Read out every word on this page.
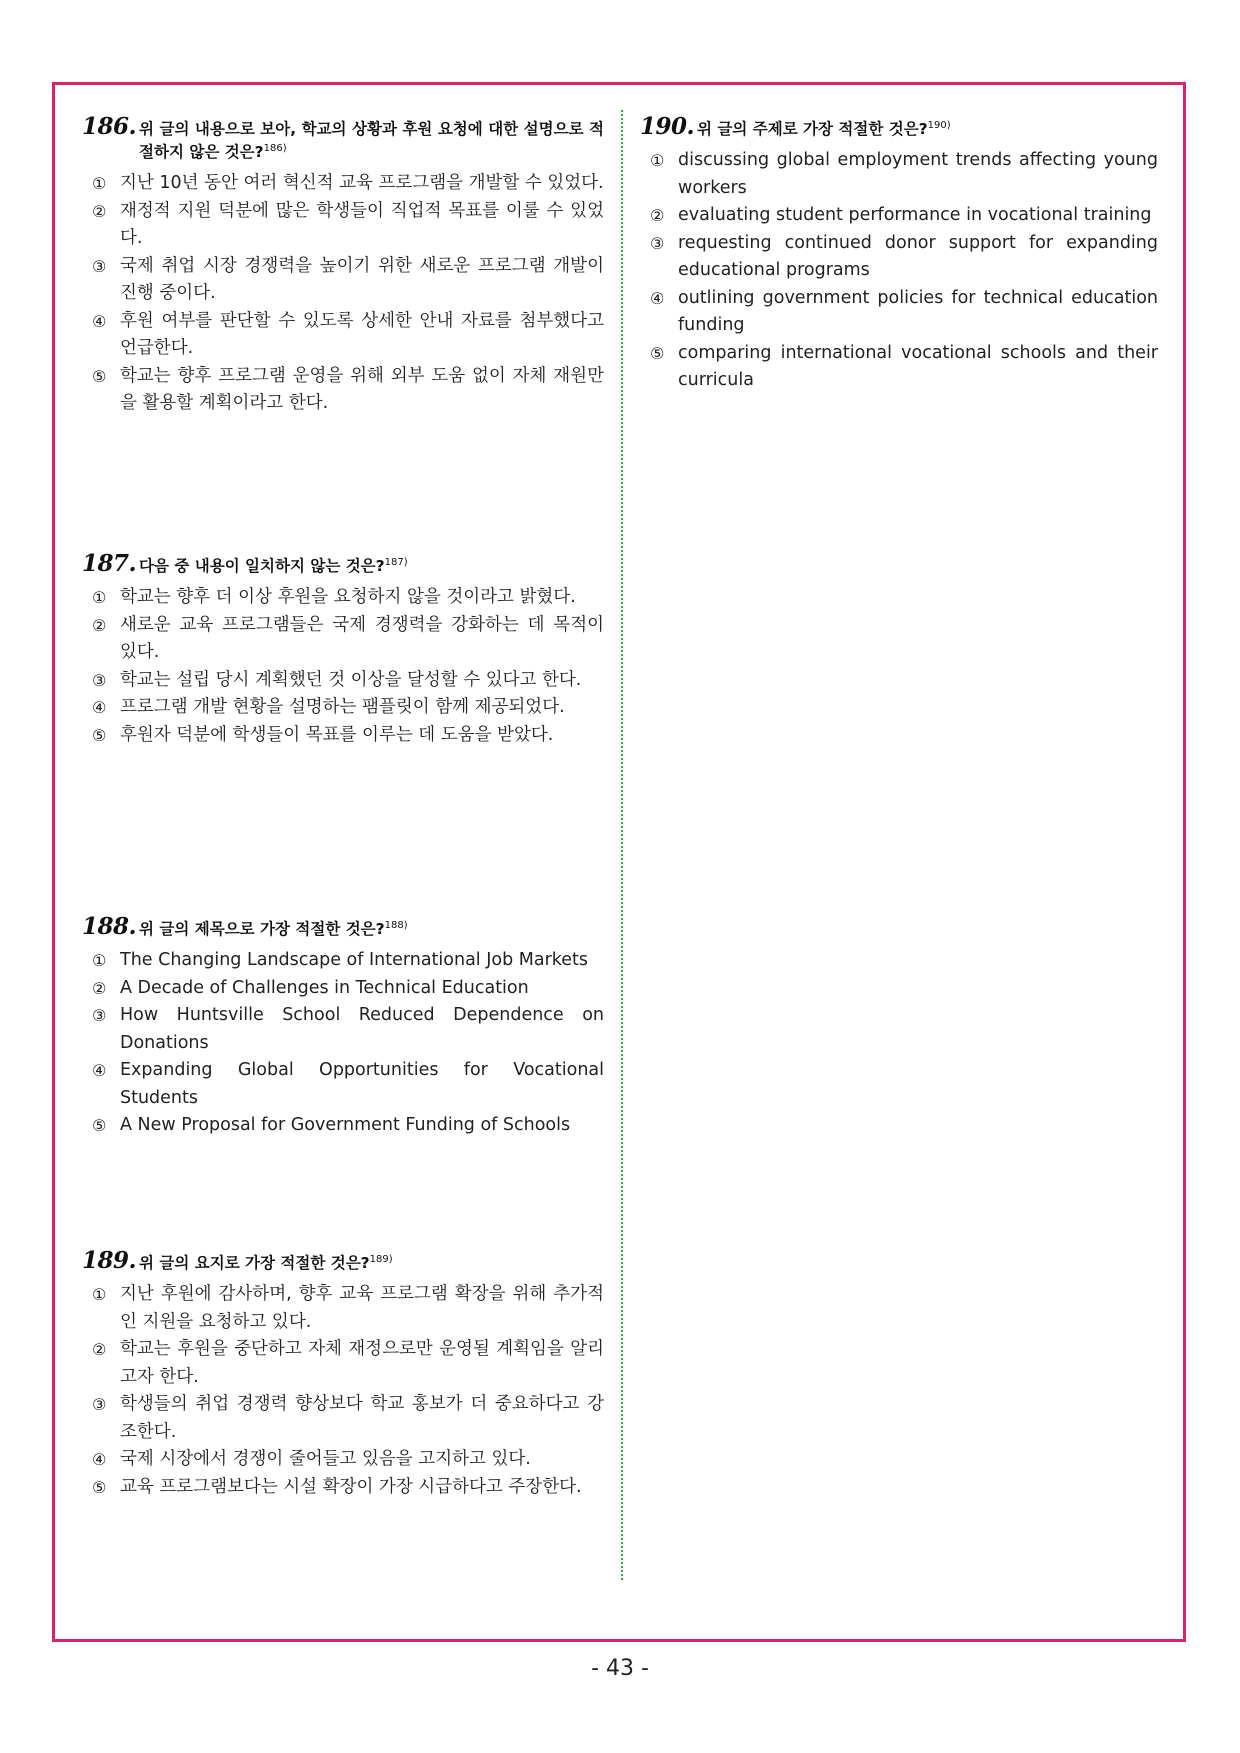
186. 위 글의 내용으로 보아, 학교의 상황과 후원 요청에 대한 설명으로 적절하지 않은 것은?$^{186)}$
① 지난 10년 동안 여러 혁신적 교육 프로그램을 개발할 수 있었다.
② 재정적 지원 덕분에 많은 학생들이 직업적 목표를 이룰 수 있었다.
③ 국제 취업 시장 경쟁력을 높이기 위한 새로운 프로그램 개발이 진행 중이다.
④ 후원 여부를 판단할 수 있도록 상세한 안내 자료를 첨부했다고 언급한다.
⑤ 학교는 향후 프로그램 운영을 위해 외부 도움 없이 자체 재원만을 활용할 계획이라고 한다.
187. 다음 중 내용이 일치하지 않는 것은?$^{187)}$
① 학교는 향후 더 이상 후원을 요청하지 않을 것이라고 밝혔다.
② 새로운 교육 프로그램들은 국제 경쟁력을 강화하는 데 목적이 있다.
③ 학교는 설립 당시 계획했던 것 이상을 달성할 수 있다고 한다.
④ 프로그램 개발 현황을 설명하는 팸플릿이 함께 제공되었다.
⑤ 후원자 덕분에 학생들이 목표를 이루는 데 도움을 받았다.
188. 위 글의 제목으로 가장 적절한 것은?$^{188)}$
① The Changing Landscape of International Job Markets
② A Decade of Challenges in Technical Education
③ How Huntsville School Reduced Dependence on Donations
④ Expanding Global Opportunities for Vocational Students
⑤ A New Proposal for Government Funding of Schools
189. 위 글의 요지로 가장 적절한 것은?$^{189)}$
① 지난 후원에 감사하며, 향후 교육 프로그램 확장을 위해 추가적인 지원을 요청하고 있다.
② 학교는 후원을 중단하고 자체 재정으로만 운영될 계획임을 알리고자 한다.
③ 학생들의 취업 경쟁력 향상보다 학교 홍보가 더 중요하다고 강조한다.
④ 국제 시장에서 경쟁이 줄어들고 있음을 고지하고 있다.
⑤ 교육 프로그램보다는 시설 확장이 가장 시급하다고 주장한다.
190. 위 글의 주제로 가장 적절한 것은?$^{190)}$
① discussing global employment trends affecting young workers
② evaluating student performance in vocational training
③ requesting continued donor support for expanding educational programs
④ outlining government policies for technical education funding
⑤ comparing international vocational schools and their curricula
- 43 -
